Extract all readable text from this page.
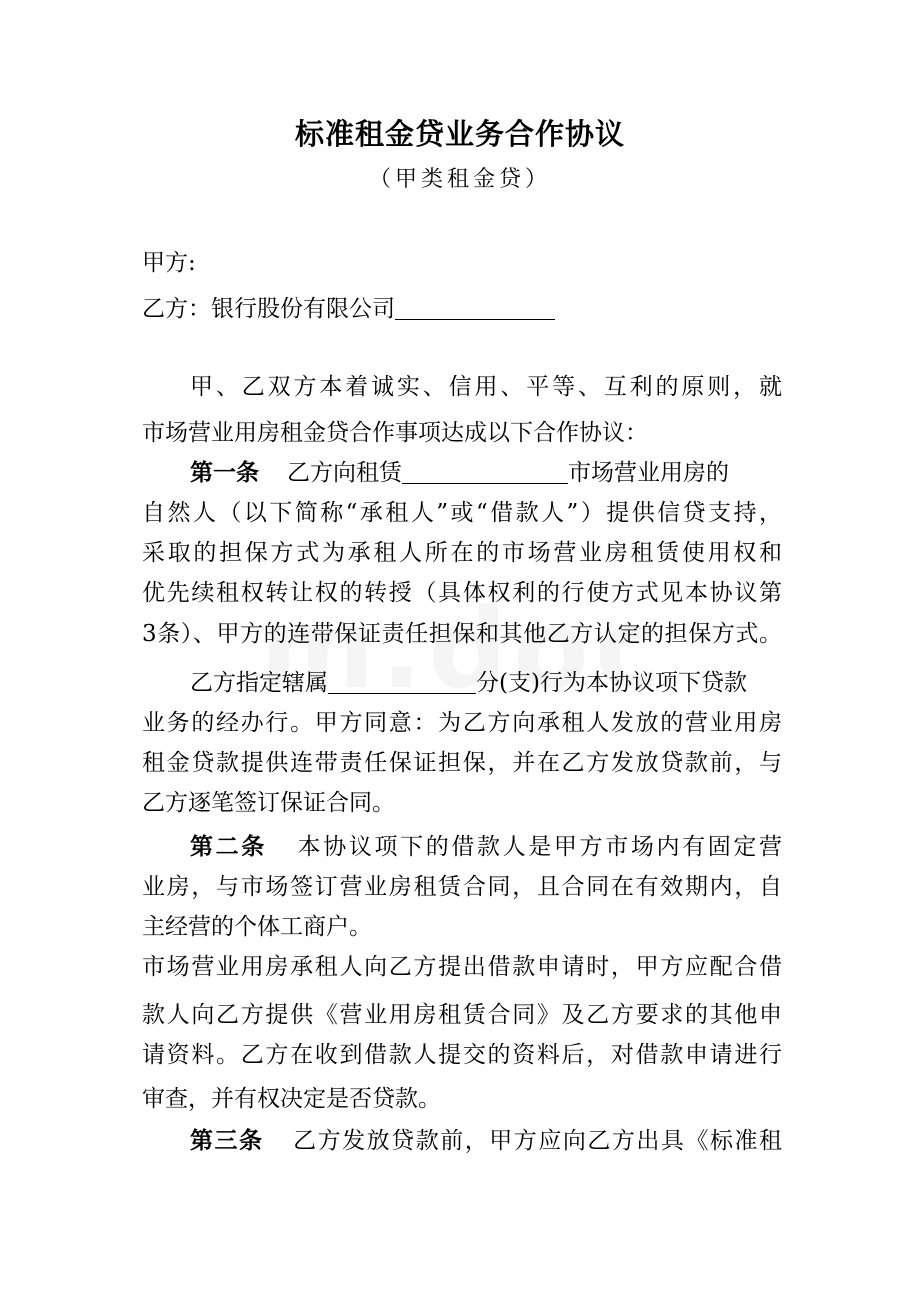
标准租金贷业务合作协议
（甲类租金贷）
甲方:
乙方：银行股份有限公司
甲、乙双方本着诚实、信用、平等、互利的原则，就
市场营业用房租金贷合作事项达成以下合作协议：
第一条 乙方向租赁	市场营业用房的
自然人（以下简称“承租人”或“借款人”）提供信贷支持，
采取的担保方式为承租人所在的市场营业房租赁使用权和
优先续租权转让权的转授（具体权利的行使方式见本协议第
3条）、甲方的连带保证责任担保和其他乙方认定的担保方式。
乙方指定辖属	分(支)行为本协议项下贷款
业务的经办行。甲方同意：为乙方向承租人发放的营业用房
租金贷款提供连带责任保证担保，并在乙方发放贷款前，与
乙方逐笔签订保证合同。
第二条 本协议项下的借款人是甲方市场内有固定营
业房，与市场签订营业房租赁合同，且合同在有效期内，自
主经营的个体工商户。
市场营业用房承租人向乙方提出借款申请时，甲方应配合借
款人向乙方提供《营业用房租赁合同》及乙方要求的其他申
请资料。乙方在收到借款人提交的资料后，对借款申请进行
审查，并有权决定是否贷款。
第三条 乙方发放贷款前，甲方应向乙方出具《标准租
